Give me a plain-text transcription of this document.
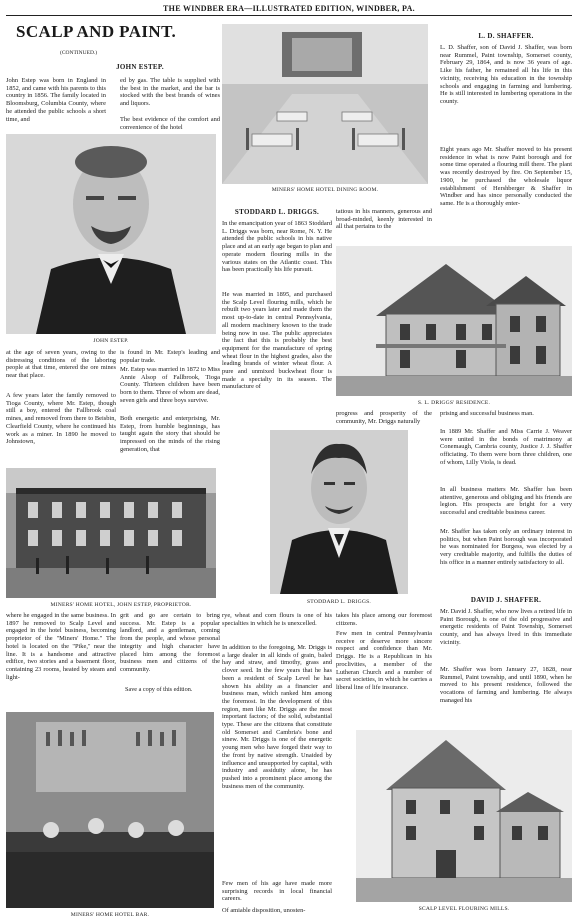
THE WINDBER ERA—ILLUSTRATED EDITION, WINDBER, PA.
SCALP AND PAINT.
(CONTINUED.)
JOHN ESTEP.

John Estep was born in England in 1852, and came with his parents to this country in 1856. The family located in Bloomsburg, Columbia County, where he attended the public schools a short time, and

JOHN ESTEP.

at the age of seven years, owing to the distressing conditions of the laboring people at that time, entered the ore mines near that place.

A few years later the family removed to Tioga County, where Mr. Estep, though still a boy, entered the Fallbrook coal mines, and removed from there to Beisbin, Clearfield County, where he continued his work as a miner. In 1890 he moved to Johnstown,

MINERS' HOME HOTEL, JOHN ESTEP, PROPRIETOR.

where he engaged in the same business. In 1897 he removed to Scalp Level and engaged in the hotel business, becoming proprietor of the "Miners' Home." The hotel is located on the "Pike," near the line. It is a handsome and attractive edifice, two stories and a basement floor, containing 23 rooms, heated by steam and light-

MINERS' HOME HOTEL BAR.

ed by gas. The table is supplied with the best in the market, and the bar is stocked with the best brands of wines and liquors.

The best evidence of the comfort and convenience of the hotel

is found in Mr. Estep's leading and popular trade.

Mr. Estep was married in 1872 to Miss Annie Alsop of Fallbrook, Tioga County. Thirteen children have been born to them. Three of whom are dead, seven girls and three boys survive.

Both energetic and enterprising, Mr. Estep, from humble beginnings, has taught again the story that should be impressed on the minds of the rising generation, that

grit and go are certain to bring success. Mr. Estep is a popular landlord, and a gentleman, coming from the people, and whose personal integrity and high character have placed him among the foremost business men and citizens of the community.

Save a copy of this edition.
MINERS' HOME HOTEL DINING ROOM.
STODDARD L. DRIGGS.

In the emancipation year of 1863 Stoddard L. Driggs was born, near Rome, N. Y. He attended the public schools in his native place and at an early age began to plan and operate modern flouring mills in the various states on the Atlantic coast. This has been practically his life pursuit.

He was married in 1895, and purchased the Scalp Level flouring mills, which he rebuilt two years later and made them the most up-to-date in central Pennsylvania, all modern machinery known to the trade being now in use. The public appreciates the fact that this is probably the best equipment for the manufacture of spring wheat flour in the highest grades, also the leading brands of winter wheat flour. A pure and unmixed buckwheat flour is made a specialty in its season. The manufacture of

tatious in his manners, generous and broad-minded, keenly interested in all that pertains to the

progress and prosperity of the community, Mr. Driggs naturally

STODDARD L. DRIGGS.

rye, wheat and corn flours is one of his specialties in which he is unexcelled.

In addition to the foregoing, Mr. Driggs is a large dealer in all kinds of grain, baled hay and straw, and timothy, grass and clover seed. In the few years that he has been a resident of Scalp Level he has shown his ability as a financier and business man, which ranked him among the foremost. In the development of this region, men like Mr. Driggs are the most important factors; of the solid, substantial type. These are the citizens that constitute old Somerset and Cambria's bone and sinew. Mr. Driggs is one of the energetic young men who have forged their way to the front by native strength. Unaided by influence and unsupported by capital, with industry and assiduity alone, he has pushed into a prominent place among the business men of the community.

Few men of his age have made more surprising records in local financial careers.

Of amiable disposition, unosten-

takes his place among our foremost citizens.

Few men in central Pennsylvania receive or deserve more sincere respect and confidence than Mr. Driggs. He is a Republican in his proclivities, a member of the Lutheran Church and a number of secret societies, in which he carries a liberal line of life insurance.

L. D. SHAFFER.

L. D. Shaffer, son of David J. Shaffer, was born near Rummel, Paint township, Somerset county, February 29, 1864, and is now 36 years of age. Like his father, he remained all his life in this vicinity, receiving his education in the township schools and engaging in farming and lumbering. He is still interested in lumbering operations in the county.

Eight years ago Mr. Shaffer moved to his present residence in what is now Paint borough and for some time operated a flouring mill there. The plant was recently destroyed by fire. On September 15, 1900, he purchased the wholesale liquor establishment of Hershberger & Shaffer in Windber and has since personally conducted the same. He is a thoroughly enter-

S. L. DRIGGS' RESIDENCE.

prising and successful business man.

In 1889 Mr. Shaffer and Miss Carrie J. Weaver were united in the bonds of matrimony at Conemaugh, Cambria county, Justice J. J. Shaffer officiating. To them were born three children, one of whom, Lilly Viola, is dead.

In all business matters Mr. Shaffer has been attentive, generous and obliging and his friends are legion. His prospects are bright for a very successful and creditable business career.

Mr. Shaffer has taken only an ordinary interest in politics, but when Paint borough was incorporated he was nominated for Burgess, was elected by a very creditable majority, and fulfills the duties of his office in a manner entirely satisfactory to all.

DAVID J. SHAFFER.

Mr. David J. Shaffer, who now lives a retired life in Paint Borough, is one of the old progressive and energetic residents of Paint Township, Somerset county, and has always lived in this immediate vicinity.

Mr. Shaffer was born January 27, 1828, near Rummel, Paint township, and until 1890, when he moved to his present residence, followed the vocations of farming and lumbering. He always managed his

SCALP LEVEL FLOURING MILLS.
